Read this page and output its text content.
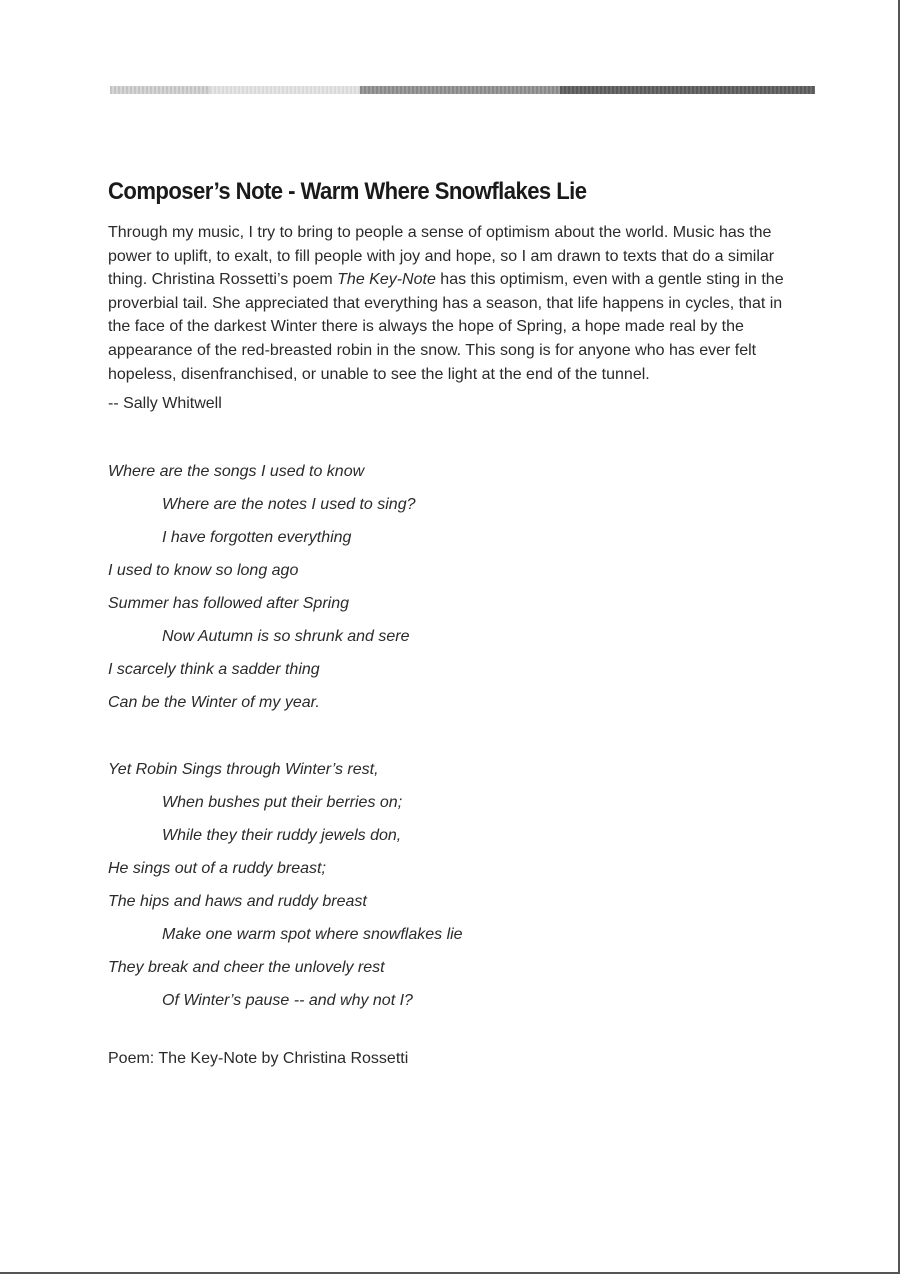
Composer’s Note - Warm Where Snowflakes Lie

Through my music, I try to bring to people a sense of optimism about the world. Music has the power to uplift, to exalt, to fill people with joy and hope, so I am drawn to texts that do a similar thing. Christina Rossetti’s poem The Key-Note has this optimism, even with a gentle sting in the proverbial tail. She appreciated that everything has a season, that life happens in cycles, that in the face of the darkest Winter there is always the hope of Spring, a hope made real by the appearance of the red-breasted robin in the snow. This song is for anyone who has ever felt hopeless, disenfranchised, or unable to see the light at the end of the tunnel.

-- Sally Whitwell
Where are the songs I used to know
Where are the notes I used to sing?
I have forgotten everything
I used to know so long ago
Summer has followed after Spring
Now Autumn is so shrunk and sere
I scarcely think a sadder thing
Can be the Winter of my year.
Yet Robin Sings through Winter’s rest,
When bushes put their berries on;
While they their ruddy jewels don,
He sings out of a ruddy breast;
The hips and haws and ruddy breast
Make one warm spot where snowflakes lie
They break and cheer the unlovely rest
Of Winter’s pause -- and why not I?
Poem: The Key-Note by Christina Rossetti
